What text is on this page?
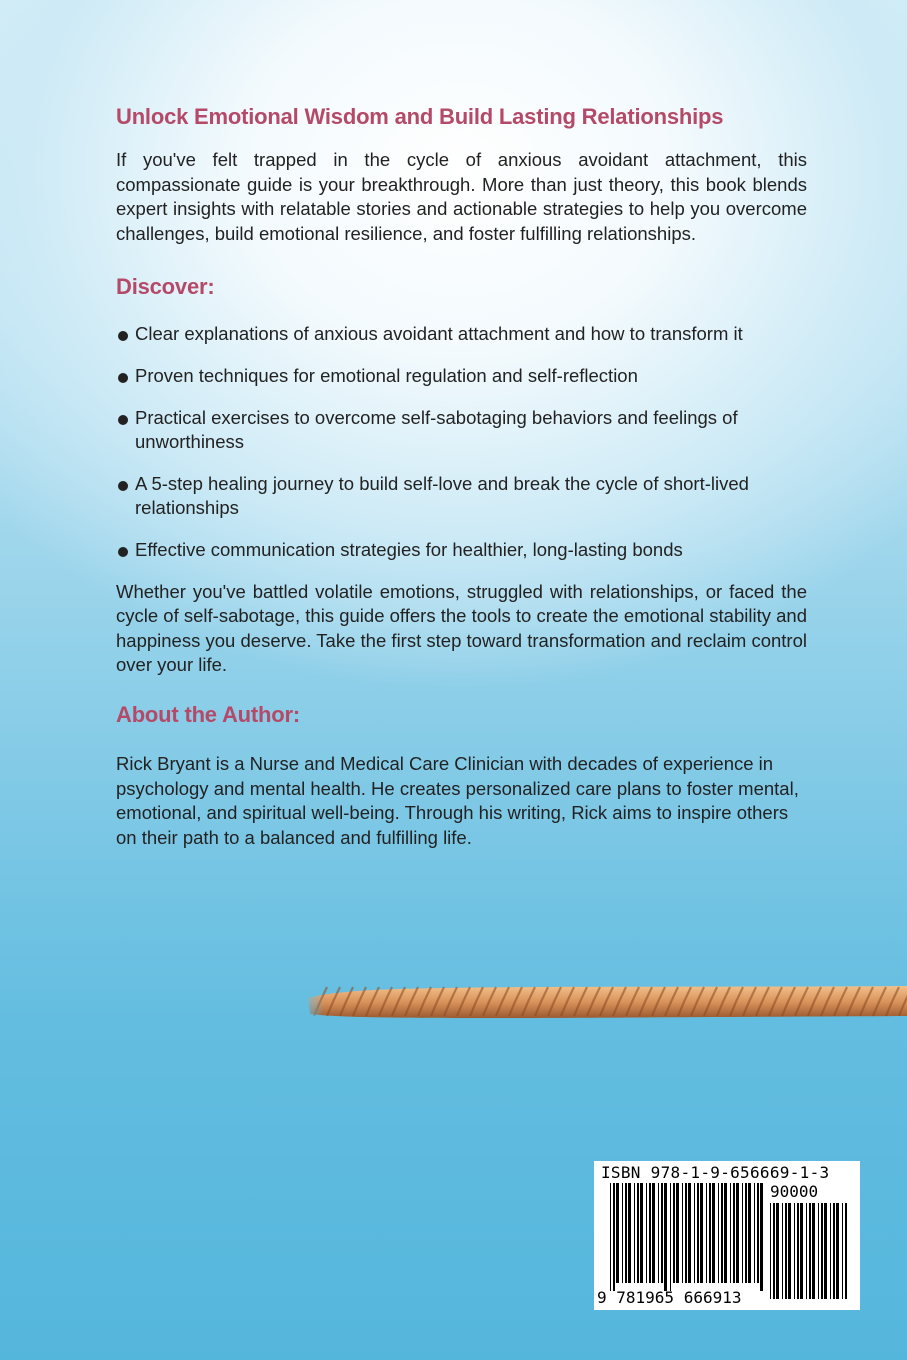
Unlock Emotional Wisdom and Build Lasting Relationships

If you've felt trapped in the cycle of anxious avoidant attachment, this compassionate guide is your breakthrough. More than just theory, this book blends expert insights with relatable stories and actionable strategies to help you overcome challenges, build emotional resilience, and foster fulfilling relationships.

Discover:
Clear explanations of anxious avoidant attachment and how to transform it
Proven techniques for emotional regulation and self-reflection
Practical exercises to overcome self-sabotaging behaviors and feelings of unworthiness
A 5-step healing journey to build self-love and break the cycle of short-lived relationships
Effective communication strategies for healthier, long-lasting bonds

Whether you've battled volatile emotions, struggled with relationships, or faced the cycle of self-sabotage, this guide offers the tools to create the emotional stability and happiness you deserve. Take the first step toward transformation and reclaim control over your life.

About the Author:

Rick Bryant is a Nurse and Medical Care Clinician with decades of experience in psychology and mental health. He creates personalized care plans to foster mental, emotional, and spiritual well-being. Through his writing, Rick aims to inspire others on their path to a balanced and fulfilling life.

ISBN 978-1-9-656669-1-3
90000
9 781965 666913
